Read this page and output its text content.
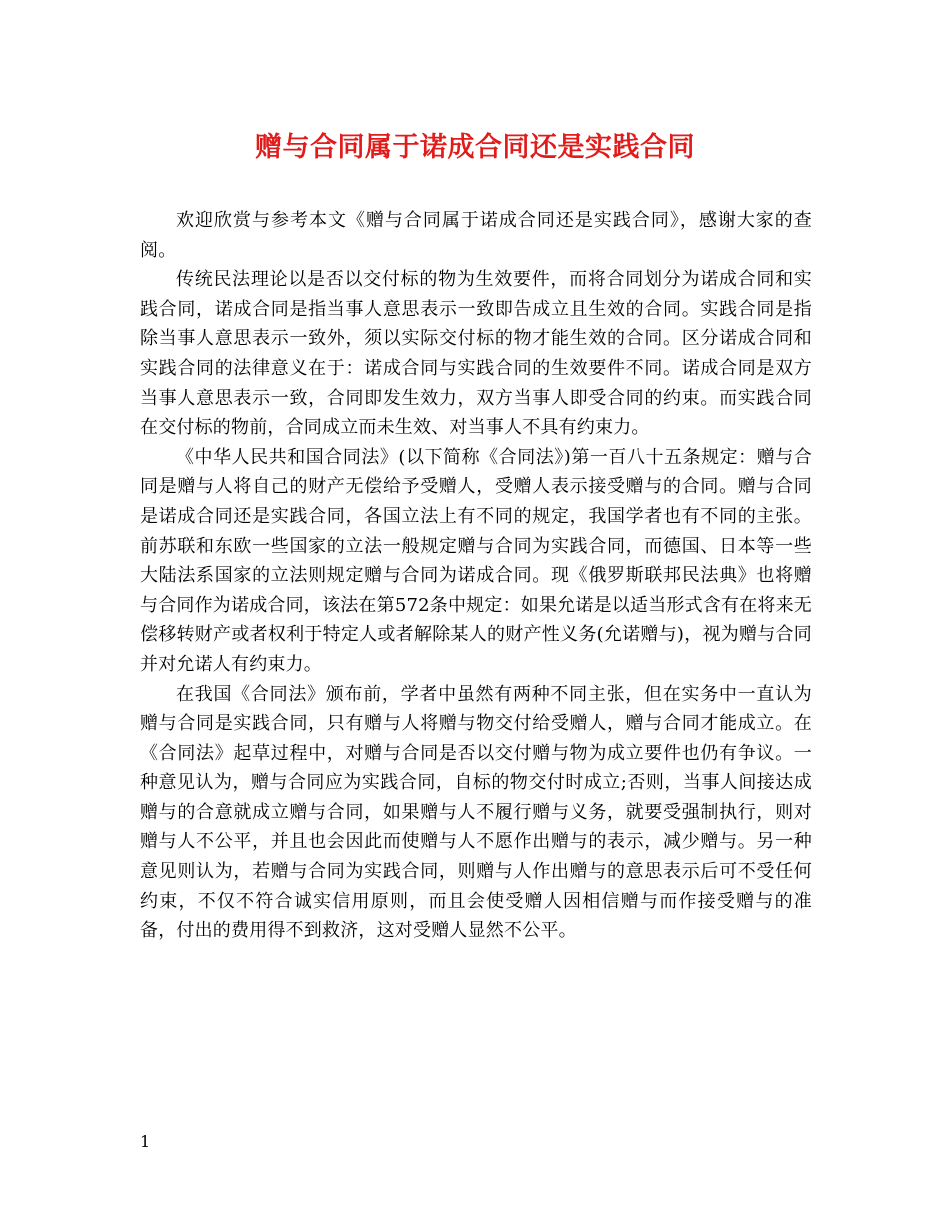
赠与合同属于诺成合同还是实践合同

欢迎欣赏与参考本文《赠与合同属于诺成合同还是实践合同》，感谢大家的查阅。

传统民法理论以是否以交付标的物为生效要件，而将合同划分为诺成合同和实践合同，诺成合同是指当事人意思表示一致即告成立且生效的合同。实践合同是指除当事人意思表示一致外，须以实际交付标的物才能生效的合同。区分诺成合同和实践合同的法律意义在于：诺成合同与实践合同的生效要件不同。诺成合同是双方当事人意思表示一致，合同即发生效力，双方当事人即受合同的约束。而实践合同在交付标的物前，合同成立而未生效、对当事人不具有约束力。

《中华人民共和国合同法》(以下简称《合同法》)第一百八十五条规定：赠与合同是赠与人将自己的财产无偿给予受赠人，受赠人表示接受赠与的合同。赠与合同是诺成合同还是实践合同，各国立法上有不同的规定，我国学者也有不同的主张。前苏联和东欧一些国家的立法一般规定赠与合同为实践合同，而德国、日本等一些大陆法系国家的立法则规定赠与合同为诺成合同。现《俄罗斯联邦民法典》也将赠与合同作为诺成合同，该法在第572条中规定：如果允诺是以适当形式含有在将来无偿移转财产或者权利于特定人或者解除某人的财产性义务(允诺赠与)，视为赠与合同并对允诺人有约束力。

在我国《合同法》颁布前，学者中虽然有两种不同主张，但在实务中一直认为赠与合同是实践合同，只有赠与人将赠与物交付给受赠人，赠与合同才能成立。在《合同法》起草过程中，对赠与合同是否以交付赠与物为成立要件也仍有争议。一种意见认为，赠与合同应为实践合同，自标的物交付时成立;否则，当事人间接达成赠与的合意就成立赠与合同，如果赠与人不履行赠与义务，就要受强制执行，则对赠与人不公平，并且也会因此而使赠与人不愿作出赠与的表示，减少赠与。另一种意见则认为，若赠与合同为实践合同，则赠与人作出赠与的意思表示后可不受任何约束，不仅不符合诚实信用原则，而且会使受赠人因相信赠与而作接受赠与的准备，付出的费用得不到救济，这对受赠人显然不公平。

1
